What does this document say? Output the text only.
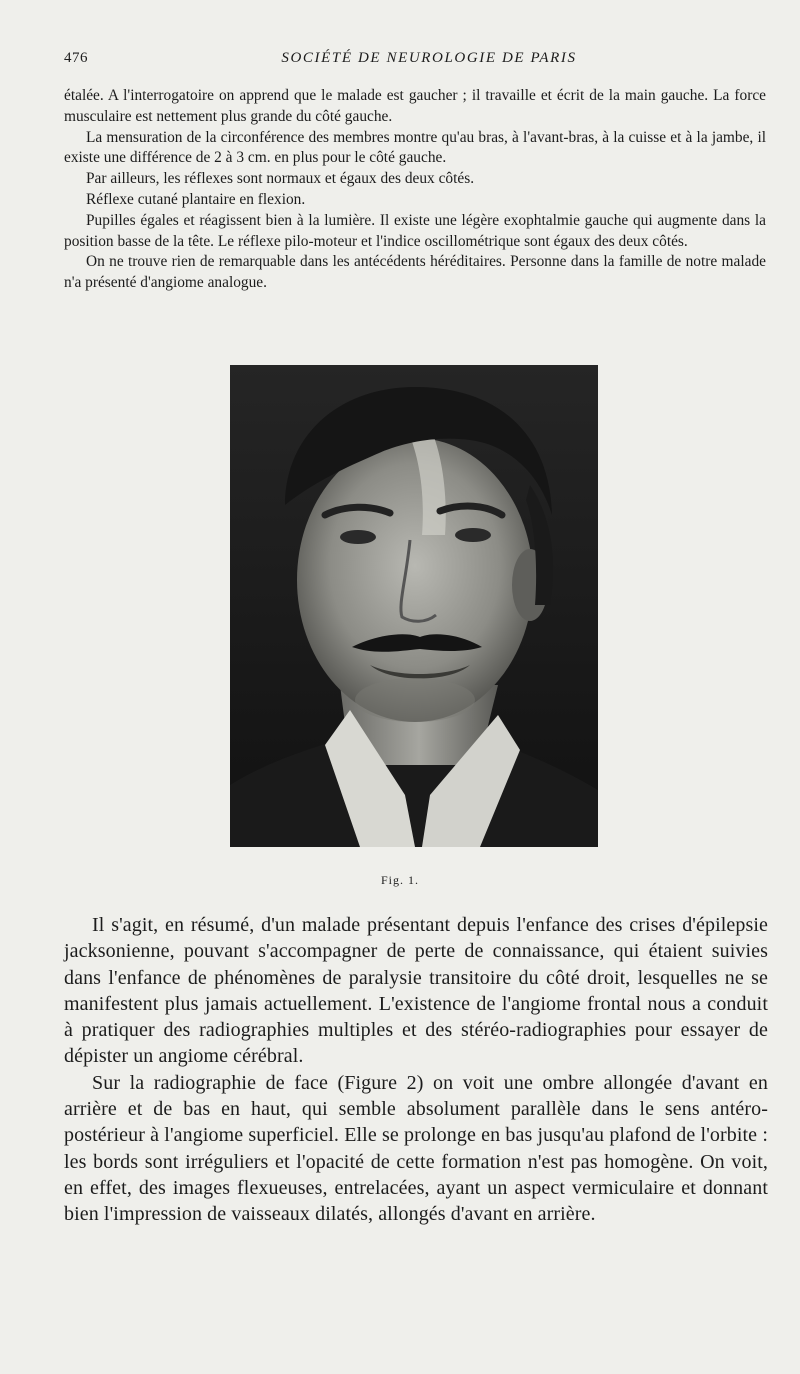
476	SOCIÉTÉ DE NEUROLOGIE DE PARIS

étalée. A l'interrogatoire on apprend que le malade est gaucher ; il travaille et écrit de la main gauche. La force musculaire est nettement plus grande du côté gauche.

La mensuration de la circonférence des membres montre qu'au bras, à l'avant-bras, à la cuisse et à la jambe, il existe une différence de 2 à 3 cm. en plus pour le côté gauche.

Par ailleurs, les réflexes sont normaux et égaux des deux côtés.

Réflexe cutané plantaire en flexion.

Pupilles égales et réagissent bien à la lumière. Il existe une légère exophtalmie gauche qui augmente dans la position basse de la tête. Le réflexe pilo-moteur et l'indice oscillométrique sont égaux des deux côtés.

On ne trouve rien de remarquable dans les antécédents héréditaires. Personne dans la famille de notre malade n'a présenté d'angiome analogue.

Fig. 1.

Il s'agit, en résumé, d'un malade présentant depuis l'enfance des crises d'épilepsie jacksonienne, pouvant s'accompagner de perte de connaissance, qui étaient suivies dans l'enfance de phénomènes de paralysie transitoire du côté droit, lesquelles ne se manifestent plus jamais actuellement. L'existence de l'angiome frontal nous a conduit à pratiquer des radiographies multiples et des stéréo-radiographies pour essayer de dépister un angiome cérébral.

Sur la radiographie de face (Figure 2) on voit une ombre allongée d'avant en arrière et de bas en haut, qui semble absolument parallèle dans le sens antéro-postérieur à l'angiome superficiel. Elle se prolonge en bas jusqu'au plafond de l'orbite : les bords sont irréguliers et l'opacité de cette formation n'est pas homogène. On voit, en effet, des images flexueuses, entrelacées, ayant un aspect vermiculaire et donnant bien l'impression de vaisseaux dilatés, allongés d'avant en arrière.
